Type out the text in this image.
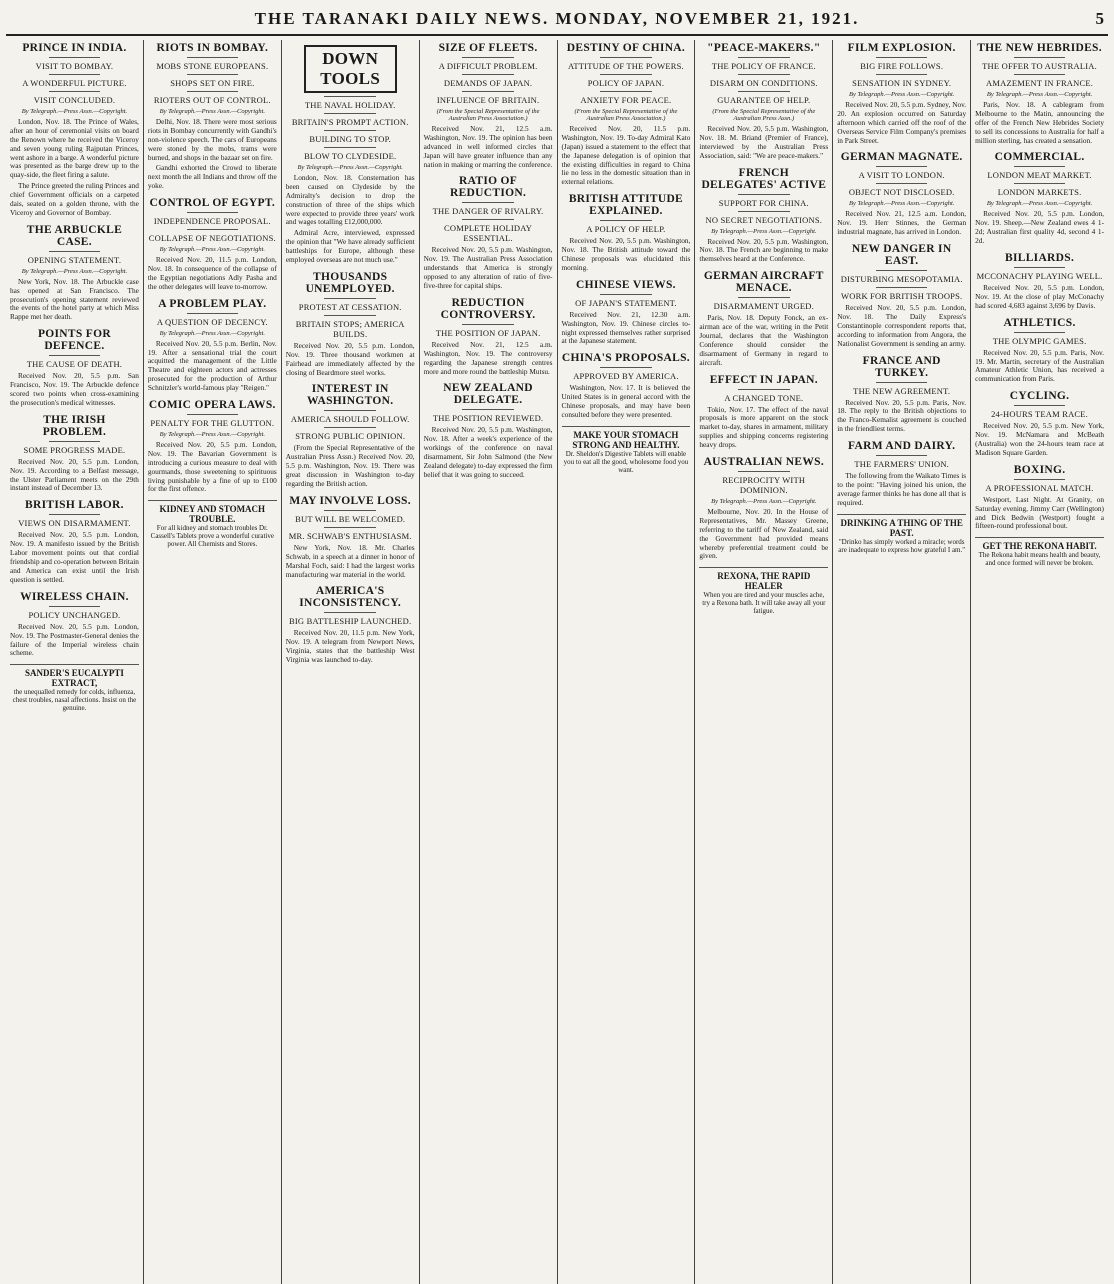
THE TARANAKI DAILY NEWS. MONDAY, NOVEMBER 21, 1921.	5
PRINCE IN INDIA.
VISIT TO BOMBAY.
A WONDERFUL PICTURE.
VISIT CONCLUDED.
By Telegraph.—Press Assn.—Copyright.

London, Nov. 18. The Prince of Wales, after an hour of ceremonial visits on board the Renown where he received the Viceroy and seven young ruling Rajputan Princes, went ashore in a barge. A wonderful picture was presented as the barge drew up to the quay-side, the fleet firing a salute.

The Prince greeted the ruling Princes and chief Government officials on a carpeted dais, seated on a golden throne, with the Viceroy and Governor of Bombay.

THE ARBUCKLE CASE.
OPENING STATEMENT.
By Telegraph.—Press Assn.—Copyright.

New York, Nov. 18. The Arbuckle case has opened at San Francisco. The prosecution's opening statement reviewed the events of the hotel party at which Miss Rappe met her death.

POINTS FOR DEFENCE.
THE CAUSE OF DEATH.

Received Nov. 20, 5.5 p.m. San Francisco, Nov. 19. The Arbuckle defence scored two points when cross-examining the prosecution's medical witnesses.

THE IRISH PROBLEM.
SOME PROGRESS MADE.

Received Nov. 20, 5.5 p.m. London, Nov. 19. According to a Belfast message, the Ulster Parliament meets on the 29th instant instead of December 13.

BRITISH LABOR.
VIEWS ON DISARMAMENT.

Received Nov. 20, 5.5 p.m. London, Nov. 19. A manifesto issued by the British Labor movement points out that cordial friendship and co-operation between Britain and America can exist until the Irish question is settled.

WIRELESS CHAIN.
POLICY UNCHANGED.

Received Nov. 20, 5.5 p.m. London, Nov. 19. The Postmaster-General denies the failure of the Imperial wireless chain scheme.

SANDER'S EUCALYPTI EXTRACT,
the unequalled remedy for colds, influenza, chest troubles, nasal affections. Insist on the genuine.
RIOTS IN BOMBAY.
MOBS STONE EUROPEANS.
SHOPS SET ON FIRE.
RIOTERS OUT OF CONTROL.
By Telegraph.—Press Assn.—Copyright.

Delhi, Nov. 18. There were most serious riots in Bombay concurrently with Gandhi's non-violence speech. The cars of Europeans were stoned by the mobs, trams were burned, and shops in the bazaar set on fire.

Gandhi exhorted the Crowd to liberate next month the all Indians and throw off the yoke.

CONTROL OF EGYPT.
INDEPENDENCE PROPOSAL.
COLLAPSE OF NEGOTIATIONS.
By Telegraph.—Press Assn.—Copyright.

Received Nov. 20, 11.5 p.m. London, Nov. 18. In consequence of the collapse of the Egyptian negotiations Adly Pasha and the other delegates will leave to-morrow.

A PROBLEM PLAY.
A QUESTION OF DECENCY.
By Telegraph.—Press Assn.—Copyright.

Received Nov. 20, 5.5 p.m. Berlin, Nov. 19. After a sensational trial the court acquitted the management of the Little Theatre and eighteen actors and actresses prosecuted for the production of Arthur Schnitzler's world-famous play "Reigen."

COMIC OPERA LAWS.
PENALTY FOR THE GLUTTON.
By Telegraph.—Press Assn.—Copyright.

Received Nov. 20, 5.5 p.m. London, Nov. 19. The Bavarian Government is introducing a curious measure to deal with gourmands, those sweetening to spirituous living punishable by a fine of up to £100 for the first offence.

KIDNEY AND STOMACH TROUBLE.
For all kidney and stomach troubles Dr. Cassell's Tablets prove a wonderful curative power. All Chemists and Stores.
DOWN TOOLS
THE NAVAL HOLIDAY.
BRITAIN'S PROMPT ACTION.
BUILDING TO STOP.
BLOW TO CLYDESIDE.
By Telegraph.—Press Assn.—Copyright.

London, Nov. 18. Consternation has been caused on Clydeside by the Admiralty's decision to drop the construction of three of the ships which were expected to provide three years' work and wages totalling £12,000,000.

Admiral Acre, interviewed, expressed the opinion that "We have already sufficient battleships for Europe, although these employed overseas are not much use."

THOUSANDS UNEMPLOYED.
PROTEST AT CESSATION.
BRITAIN STOPS; AMERICA BUILDS.

Received Nov. 20, 5.5 p.m. London, Nov. 19. Three thousand workmen at Fairhead are immediately affected by the closing of Beardmore steel works.

INTEREST IN WASHINGTON.
AMERICA SHOULD FOLLOW.
STRONG PUBLIC OPINION.

(From the Special Representative of the Australian Press Assn.) Received Nov. 20, 5.5 p.m. Washington, Nov. 19. There was great discussion in Washington to-day regarding the British action.

MAY INVOLVE LOSS.
BUT WILL BE WELCOMED.
MR. SCHWAB'S ENTHUSIASM.

New York, Nov. 18. Mr. Charles Schwab, in a speech at a dinner in honor of Marshal Foch, said: I had the largest works manufacturing war material in the world.

AMERICA'S INCONSISTENCY.
BIG BATTLESHIP LAUNCHED.

Received Nov. 20, 11.5 p.m. New York, Nov. 19. A telegram from Newport News, Virginia, states that the battleship West Virginia was launched to-day.

SIZE OF FLEETS.
A DIFFICULT PROBLEM.
DEMANDS OF JAPAN.
INFLUENCE OF BRITAIN.
(From the Special Representative of the Australian Press Association.)

Received Nov. 21, 12.5 a.m. Washington, Nov. 19. The opinion has been advanced in well informed circles that Japan will have greater influence than any nation in making or marring the conference.

RATIO OF REDUCTION.
THE DANGER OF RIVALRY.
COMPLETE HOLIDAY ESSENTIAL.

Received Nov. 20, 5.5 p.m. Washington, Nov. 19. The Australian Press Association understands that America is strongly opposed to any alteration of ratio of five-five-three for capital ships.

REDUCTION CONTROVERSY.
THE POSITION OF JAPAN.

Received Nov. 21, 12.5 a.m. Washington, Nov. 19. The controversy regarding the Japanese strength centres more and more round the battleship Mutsu.

NEW ZEALAND DELEGATE.
THE POSITION REVIEWED.

Received Nov. 20, 5.5 p.m. Washington, Nov. 18. After a week's experience of the workings of the conference on naval disarmament, Sir John Salmond (the New Zealand delegate) to-day expressed the firm belief that it was going to succeed.

DESTINY OF CHINA.
ATTITUDE OF THE POWERS.
POLICY OF JAPAN.
ANXIETY FOR PEACE.
(From the Special Representative of the Australian Press Association.)

Received Nov. 20, 11.5 p.m. Washington, Nov. 19. To-day Admiral Kato (Japan) issued a statement to the effect that the Japanese delegation is of opinion that the existing difficulties in regard to China lie no less in the domestic situation than in external relations.

BRITISH ATTITUDE EXPLAINED.
A POLICY OF HELP.

Received Nov. 20, 5.5 p.m. Washington, Nov. 18. The British attitude toward the Chinese proposals was elucidated this morning.

CHINESE VIEWS.
OF JAPAN'S STATEMENT.

Received Nov. 21, 12.30 a.m. Washington, Nov. 19. Chinese circles to-night expressed themselves rather surprised at the Japanese statement.

CHINA'S PROPOSALS.
APPROVED BY AMERICA.

Washington, Nov. 17. It is believed the United States is in general accord with the Chinese proposals, and may have been consulted before they were presented.

MAKE YOUR STOMACH STRONG AND HEALTHY.
Dr. Sheldon's Digestive Tablets will enable you to eat all the good, wholesome food you want.
"PEACE-MAKERS."
THE POLICY OF FRANCE.
DISARM ON CONDITIONS.
GUARANTEE OF HELP.
(From the Special Representative of the Australian Press Assn.)

Received Nov. 20, 5.5 p.m. Washington, Nov. 18. M. Briand (Premier of France), interviewed by the Australian Press Association, said: "We are peace-makers."

FRENCH DELEGATES' ACTIVE
SUPPORT FOR CHINA.
NO SECRET NEGOTIATIONS.
By Telegraph.—Press Assn.—Copyright.

Received Nov. 20, 5.5 p.m. Washington, Nov. 18. The French are beginning to make themselves heard at the Conference.

GERMAN AIRCRAFT MENACE.
DISARMAMENT URGED.

Paris, Nov. 18. Deputy Fonck, an ex-airman ace of the war, writing in the Petit Journal, declares that the Washington Conference should consider the disarmament of Germany in regard to aircraft.

EFFECT IN JAPAN.
A CHANGED TONE.

Tokio, Nov. 17. The effect of the naval proposals is more apparent on the stock market to-day, shares in armament, military supplies and shipping concerns registering heavy drops.

AUSTRALIAN NEWS.
RECIPROCITY WITH DOMINION.
By Telegraph.—Press Assn.—Copyright.

Melbourne, Nov. 20. In the House of Representatives, Mr. Massey Greene, referring to the tariff of New Zealand, said the Government had provided means whereby preferential treatment could be given.

REXONA, THE RAPID HEALER
When you are tired and your muscles ache, try a Rexona bath. It will take away all your fatigue.
FILM EXPLOSION.
BIG FIRE FOLLOWS.
SENSATION IN SYDNEY.
By Telegraph.—Press Assn.—Copyright.

Received Nov. 20, 5.5 p.m. Sydney, Nov. 20. An explosion occurred on Saturday afternoon which carried off the roof of the Overseas Service Film Company's premises in Park Street.

GERMAN MAGNATE.
A VISIT TO LONDON.
OBJECT NOT DISCLOSED.
By Telegraph.—Press Assn.—Copyright.

Received Nov. 21, 12.5 a.m. London, Nov. 19. Herr Stinnes, the German industrial magnate, has arrived in London.

NEW DANGER IN EAST.
DISTURBING MESOPOTAMIA.
WORK FOR BRITISH TROOPS.

Received Nov. 20, 5.5 p.m. London, Nov. 18. The Daily Express's Constantinople correspondent reports that, according to information from Angora, the Nationalist Government is sending an army.

FRANCE AND TURKEY.
THE NEW AGREEMENT.

Received Nov. 20, 5.5 p.m. Paris, Nov. 18. The reply to the British objections to the Franco-Kemalist agreement is couched in the friendliest terms.

FARM AND DAIRY.
THE FARMERS' UNION.

The following from the Waikato Times is to the point: "Having joined his union, the average farmer thinks he has done all that is required.

DRINKING A THING OF THE PAST.
"Drinko has simply worked a miracle; words are inadequate to express how grateful I am."
THE NEW HEBRIDES.
THE OFFER TO AUSTRALIA.
AMAZEMENT IN FRANCE.
By Telegraph.—Press Assn.—Copyright.

Paris, Nov. 18. A cablegram from Melbourne to the Matin, announcing the offer of the French New Hebrides Society to sell its concessions to Australia for half a million sterling, has created a sensation.

COMMERCIAL.
LONDON MEAT MARKET.
LONDON MARKETS.
By Telegraph.—Press Assn.—Copyright.

Received Nov. 20, 5.5 p.m. London, Nov. 19. Sheep.—New Zealand ewes 4 1-2d; Australian first quality 4d, second 4 1-2d.

BILLIARDS.
MCCONACHY PLAYING WELL.

Received Nov. 20, 5.5 p.m. London, Nov. 19. At the close of play McConachy had scored 4,683 against 3,696 by Davis.

ATHLETICS.
THE OLYMPIC GAMES.

Received Nov. 20, 5.5 p.m. Paris, Nov. 19. Mr. Martin, secretary of the Australian Amateur Athletic Union, has received a communication from Paris.

CYCLING.
24-HOURS TEAM RACE.

Received Nov. 20, 5.5 p.m. New York, Nov. 19. McNamara and McBeath (Australia) won the 24-hours team race at Madison Square Garden.

BOXING.
A PROFESSIONAL MATCH.

Westport, Last Night. At Granity, on Saturday evening, Jimmy Carr (Wellington) and Dick Bedwin (Westport) fought a fifteen-round professional bout.

GET THE REKONA HABIT.
The Rekona habit means health and beauty, and once formed will never be broken.
